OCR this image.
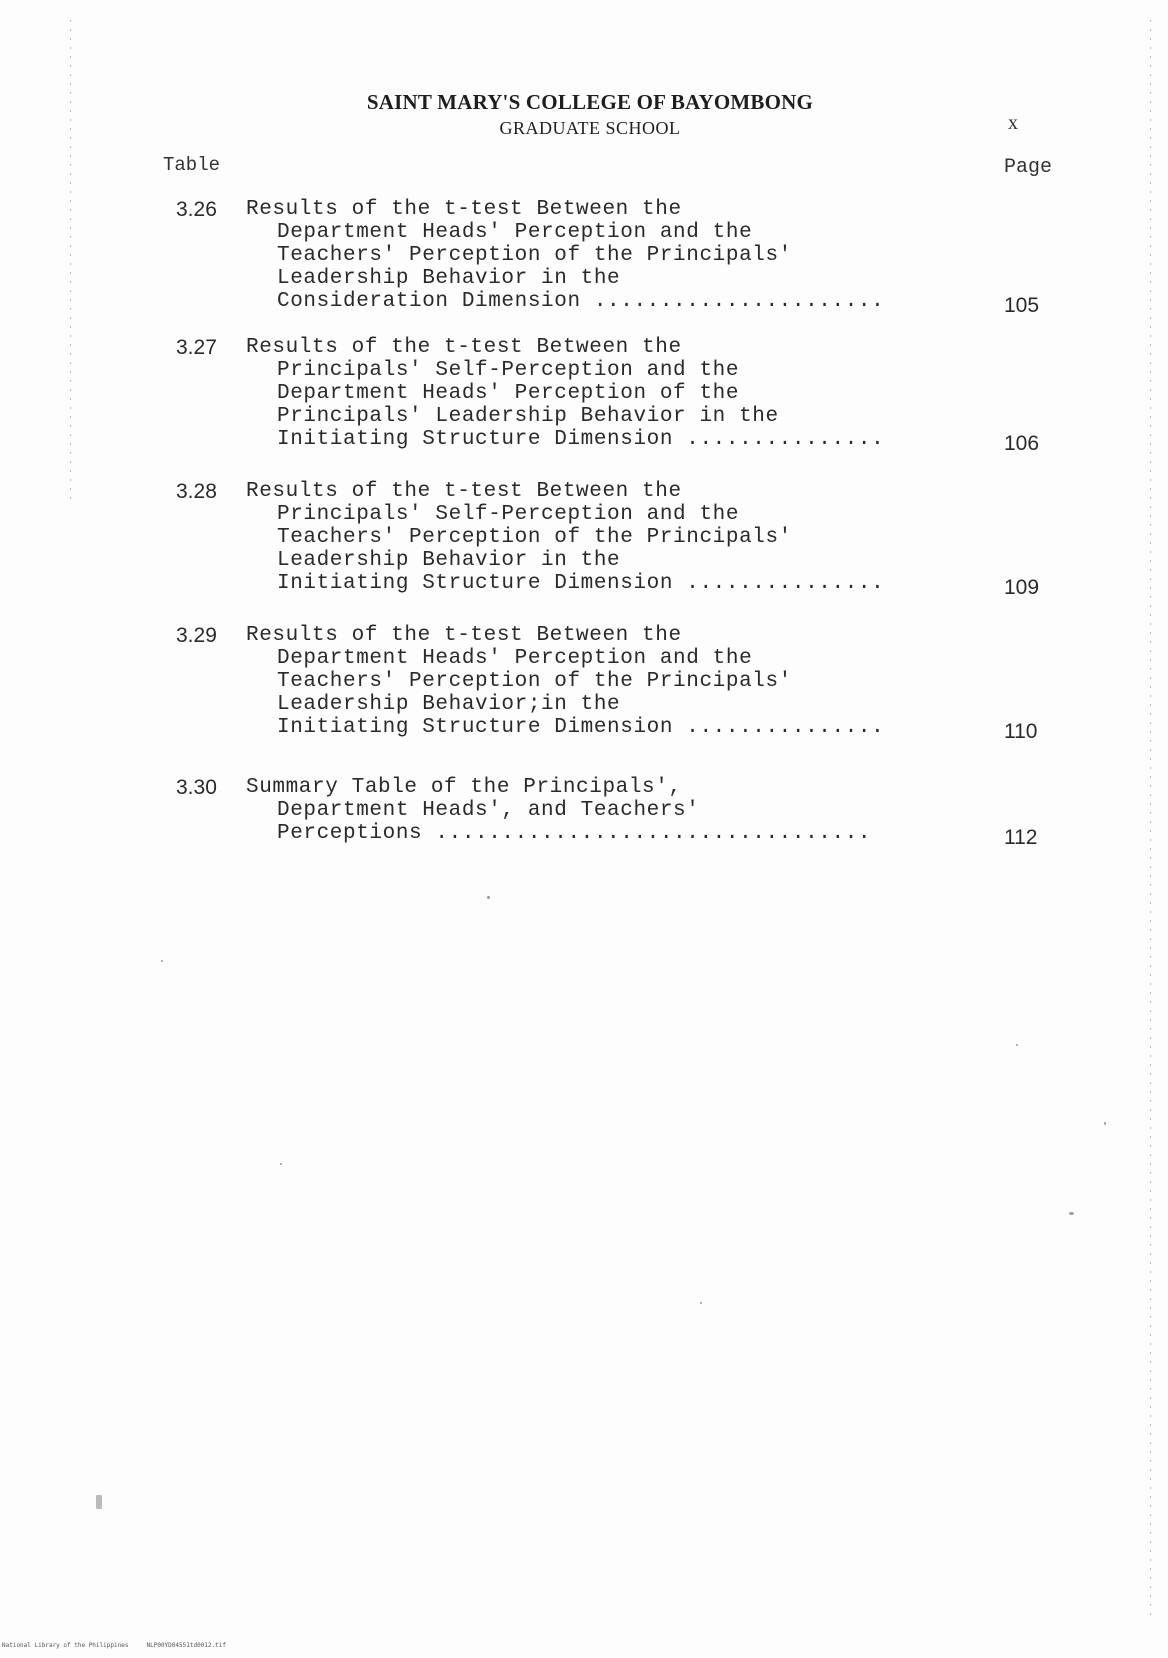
SAINT MARY'S COLLEGE OF BAYOMBONG
GRADUATE SCHOOL	x
Table	Page
3.26 Results of the t-test Between the
Department Heads' Perception and the
Teachers' Perception of the Principals'
Leadership Behavior in the
Consideration Dimension ......................	105
3.27 Results of the t-test Between the
Principals' Self-Perception and the
Department Heads' Perception of the
Principals' Leadership Behavior in the
Initiating Structure Dimension ...............	106
3.28 Results of the t-test Between the
Principals' Self-Perception and the
Teachers' Perception of the Principals'
Leadership Behavior in the
Initiating Structure Dimension ...............	109
3.29 Results of the t-test Between the
Department Heads' Perception and the
Teachers' Perception of the Principals'
Leadership Behavior;in the
Initiating Structure Dimension ...............	110
3.30 Summary Table of the Principals',
Department Heads', and Teachers'
Perceptions .................................	112
National Library of the Philippines     NLP00YD04551td0012.tif
